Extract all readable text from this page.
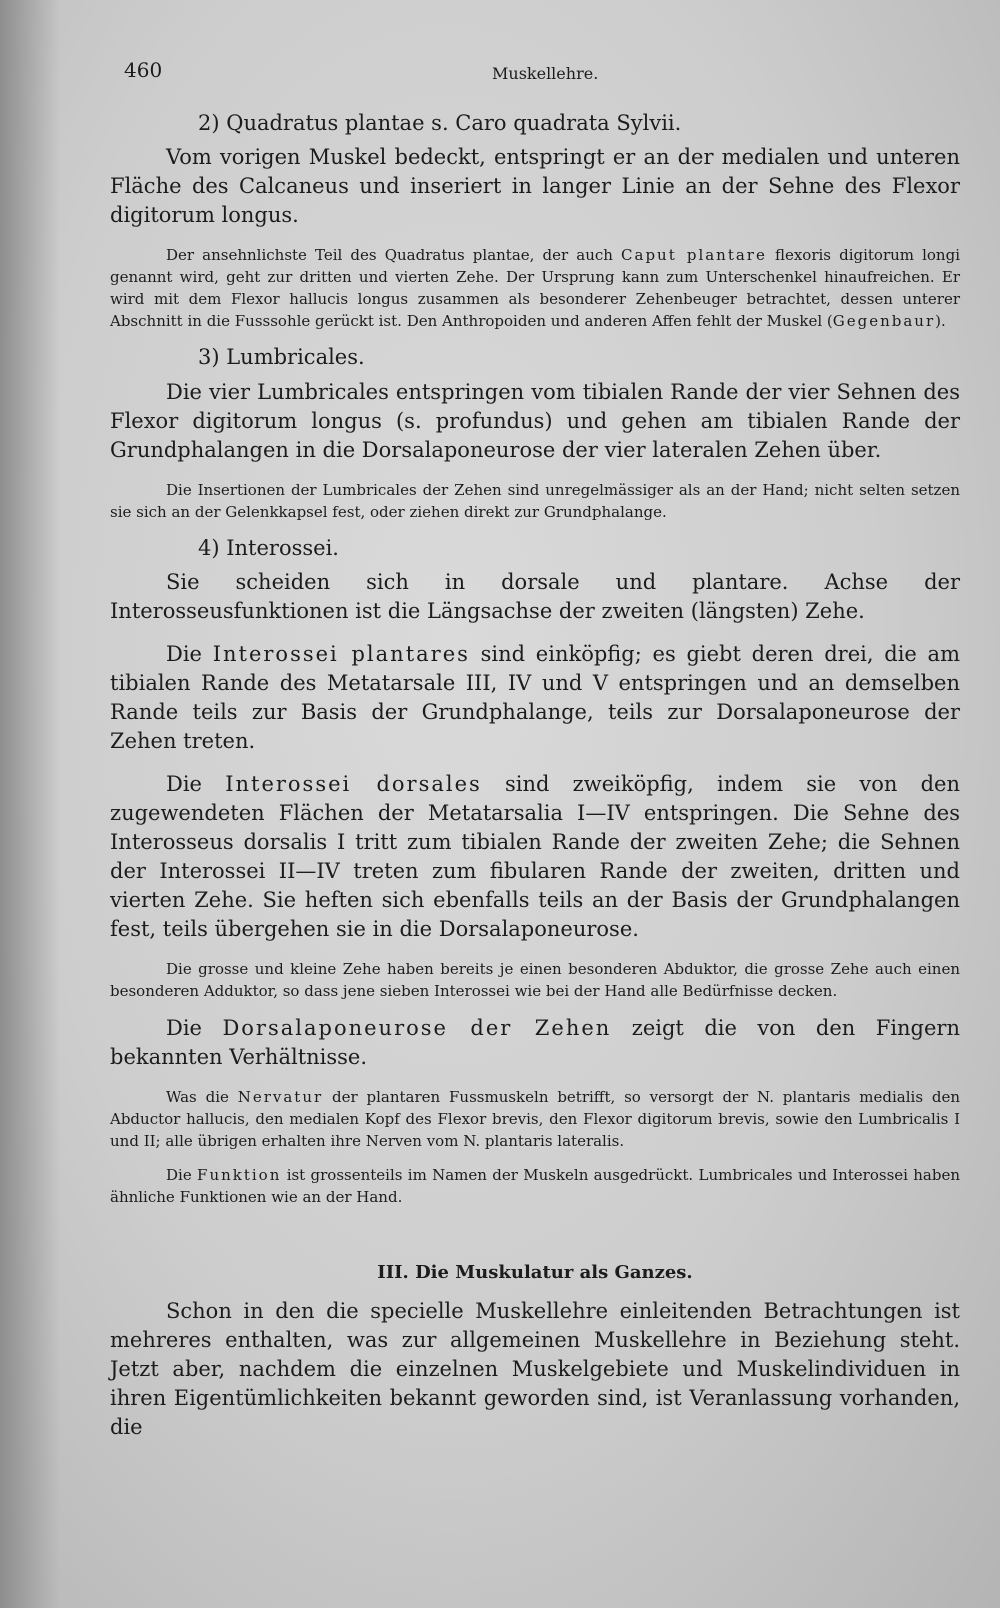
460	Muskellehre.
2) Quadratus plantae s. Caro quadrata Sylvii.

Vom vorigen Muskel bedeckt, entspringt er an der medialen und unteren Fläche des Calcaneus und inseriert in langer Linie an der Sehne des Flexor digitorum longus.

Der ansehnlichste Teil des Quadratus plantae, der auch Caput plantare flexoris digitorum longi genannt wird, geht zur dritten und vierten Zehe. Der Ursprung kann zum Unterschenkel hinaufreichen. Er wird mit dem Flexor hallucis longus zusammen als besonderer Zehenbeuger betrachtet, dessen unterer Abschnitt in die Fusssohle gerückt ist. Den Anthropoiden und anderen Affen fehlt der Muskel (Gegenbaur).

3) Lumbricales.

Die vier Lumbricales entspringen vom tibialen Rande der vier Sehnen des Flexor digitorum longus (s. profundus) und gehen am tibialen Rande der Grundphalangen in die Dorsalaponeurose der vier lateralen Zehen über.

Die Insertionen der Lumbricales der Zehen sind unregelmässiger als an der Hand; nicht selten setzen sie sich an der Gelenkkapsel fest, oder ziehen direkt zur Grundphalange.

4) Interossei.

Sie scheiden sich in dorsale und plantare. Achse der Interosseusfunktionen ist die Längsachse der zweiten (längsten) Zehe.

Die Interossei plantares sind einköpfig; es giebt deren drei, die am tibialen Rande des Metatarsale III, IV und V entspringen und an demselben Rande teils zur Basis der Grundphalange, teils zur Dorsalaponeurose der Zehen treten.

Die Interossei dorsales sind zweiköpfig, indem sie von den zugewendeten Flächen der Metatarsalia I—IV entspringen. Die Sehne des Interosseus dorsalis I tritt zum tibialen Rande der zweiten Zehe; die Sehnen der Interossei II—IV treten zum fibularen Rande der zweiten, dritten und vierten Zehe. Sie heften sich ebenfalls teils an der Basis der Grundphalangen fest, teils übergehen sie in die Dorsalaponeurose.

Die grosse und kleine Zehe haben bereits je einen besonderen Abduktor, die grosse Zehe auch einen besonderen Adduktor, so dass jene sieben Interossei wie bei der Hand alle Bedürfnisse decken.

Die Dorsalaponeurose der Zehen zeigt die von den Fingern bekannten Verhältnisse.

Was die Nervatur der plantaren Fussmuskeln betrifft, so versorgt der N. plantaris medialis den Abductor hallucis, den medialen Kopf des Flexor brevis, den Flexor digitorum brevis, sowie den Lumbricalis I und II; alle übrigen erhalten ihre Nerven vom N. plantaris lateralis.

Die Funktion ist grossenteils im Namen der Muskeln ausgedrückt. Lumbricales und Interossei haben ähnliche Funktionen wie an der Hand.

III. Die Muskulatur als Ganzes.

Schon in den die specielle Muskellehre einleitenden Betrachtungen ist mehreres enthalten, was zur allgemeinen Muskellehre in Beziehung steht. Jetzt aber, nachdem die einzelnen Muskelgebiete und Muskelindividuen in ihren Eigentümlichkeiten bekannt geworden sind, ist Veranlassung vorhanden, die
